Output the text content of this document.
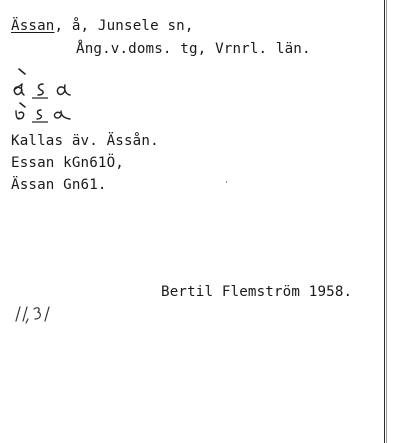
Ässan, å, Junsele sn,
Ång.v.doms. tg, Vrnrl. län.
Kallas äv. Ässån.
Essan kGn61Ö,
Ässan Gn61.
Bertil Flemström 1958.
